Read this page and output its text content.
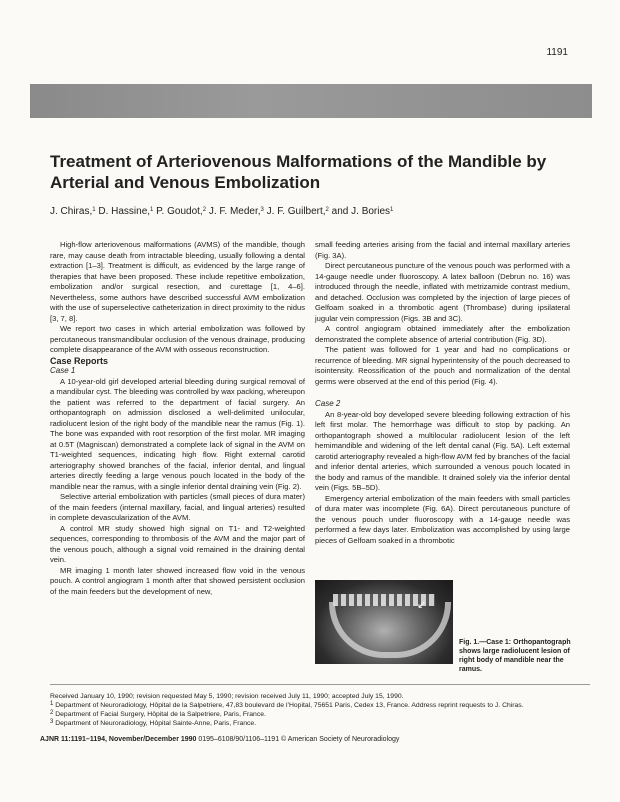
1191
Treatment of Arteriovenous Malformations of the Mandible by Arterial and Venous Embolization
J. Chiras,$^1$ D. Hassine,$^1$ P. Goudot,$^2$ J. F. Meder,$^3$ J. F. Guilbert,$^2$ and J. Bories$^1$

High-flow arteriovenous malformations (AVMS) of the mandible, though rare, may cause death from intractable bleeding, usually following a dental extraction [1–3]. Treatment is difficult, as evidenced by the large range of therapies that have been proposed. These include repetitive embolization, embolization and/or surgical resection, and curettage [1, 4–6]. Nevertheless, some authors have described successful AVM embolization with the use of superselective catheterization in direct proximity to the nidus [3, 7, 8].

We report two cases in which arterial embolization was followed by percutaneous transmandibular occlusion of the venous drainage, producing complete disappearance of the AVM with osseous reconstruction.

Case Reports

Case 1

A 10-year-old girl developed arterial bleeding during surgical removal of a mandibular cyst. The bleeding was controlled by wax packing, whereupon the patient was referred to the department of facial surgery. An orthopantograph on admission disclosed a well-delimited unilocular, radiolucent lesion of the right body of the mandible near the ramus (Fig. 1). The bone was expanded with root resorption of the first molar. MR imaging at 0.5T (Magniscan) demonstrated a complete lack of signal in the AVM on T1-weighted sequences, indicating high flow. Right external carotid arteriography showed branches of the facial, inferior dental, and lingual arteries directly feeding a large venous pouch located in the body of the mandible near the ramus, with a single inferior dental draining vein (Fig. 2).

Selective arterial embolization with particles (small pieces of dura mater) of the main feeders (internal maxillary, facial, and lingual arteries) resulted in complete devascularization of the AVM.

A control MR study showed high signal on T1- and T2-weighted sequences, corresponding to thrombosis of the AVM and the major part of the venous pouch, although a signal void remained in the draining dental vein.

MR imaging 1 month later showed increased flow void in the venous pouch. A control angiogram 1 month after that showed persistent occlusion of the main feeders but the development of new,

small feeding arteries arising from the facial and internal maxillary arteries (Fig. 3A).

Direct percutaneous puncture of the venous pouch was performed with a 14-gauge needle under fluoroscopy. A latex balloon (Debrun no. 16) was introduced through the needle, inflated with metrizamide contrast medium, and detached. Occlusion was completed by the injection of large pieces of Gelfoam soaked in a thrombotic agent (Thrombase) during ipsilateral jugular vein compression (Figs. 3B and 3C).

A control angiogram obtained immediately after the embolization demonstrated the complete absence of arterial contribution (Fig. 3D).

The patient was followed for 1 year and had no complications or recurrence of bleeding. MR signal hyperintensity of the pouch decreased to isointensity. Reossification of the pouch and normalization of the dental germs were observed at the end of this period (Fig. 4).

Case 2

An 8-year-old boy developed severe bleeding following extraction of his left first molar. The hemorrhage was difficult to stop by packing. An orthopantograph showed a multilocular radiolucent lesion of the left hemimandible and widening of the left dental canal (Fig. 5A). Left external carotid arteriography revealed a high-flow AVM fed by branches of the facial and inferior dental arteries, which surrounded a venous pouch located in the body and ramus of the mandible. It drained solely via the inferior dental vein (Figs. 5B–5D).

Emergency arterial embolization of the main feeders with small particles of dura mater was incomplete (Fig. 6A). Direct percutaneous puncture of the venous pouch under fluoroscopy with a 14-gauge needle was performed a few days later. Embolization was accomplished by using large pieces of Gelfoam soaked in a thrombotic

↙
Fig. 1.—Case 1: Orthopantograph shows large radiolucent lesion of right body of mandible near the ramus.
Received January 10, 1990; revision requested May 5, 1990; revision received July 11, 1990; accepted July 15, 1990.
$^1$ Department of Neuroradiology, Hôpital de la Salpetriere, 47,83 boulevard de l’Hopital, 75651 Paris, Cedex 13, France. Address reprint requests to J. Chiras.
$^2$ Department of Facial Surgery, Hôpital de la Salpetriere, Paris, France.
$^3$ Department of Neuroradiology, Hôpital Sainte-Anne, Paris, France.
AJNR 11:1191–1194, November/December 1990 0195–6108/90/1106–1191 © American Society of Neuroradiology
